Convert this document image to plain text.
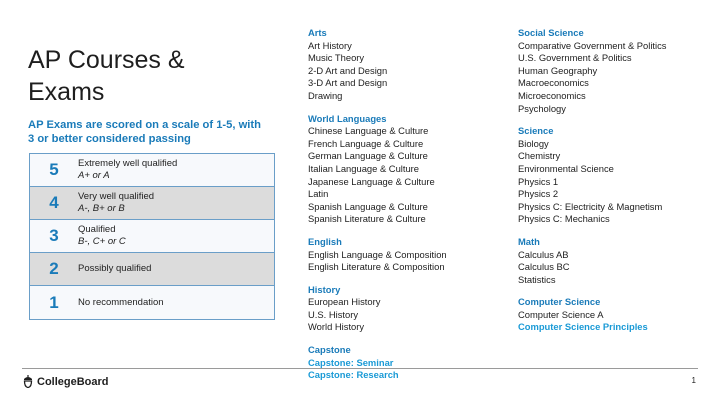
AP Courses & Exams
AP Exams are scored on a scale of 1-5, with 3 or better considered passing
5	Extremely well qualified
A+ or A
4	Very well qualified
A-, B+ or B
3	Qualified
B-, C+ or C
2	Possibly qualified
1	No recommendation
Arts
Art History
Music Theory
2-D Art and Design
3-D Art and Design
Drawing
World Languages
Chinese Language & Culture
French Language & Culture
German Language & Culture
Italian Language & Culture
Japanese Language & Culture
Latin
Spanish Language & Culture
Spanish Literature & Culture
English
English Language & Composition
English Literature & Composition
History
European History
U.S. History
World History
Capstone
Capstone: Seminar
Capstone: Research
Social Science
Comparative Government & Politics
U.S. Government & Politics
Human Geography
Macroeconomics
Microeconomics
Psychology
Science
Biology
Chemistry
Environmental Science
Physics 1
Physics 2
Physics C: Electricity & Magnetism
Physics C: Mechanics
Math
Calculus AB
Calculus BC
Statistics
Computer Science
Computer Science A
Computer Science Principles
CollegeBoard	1
